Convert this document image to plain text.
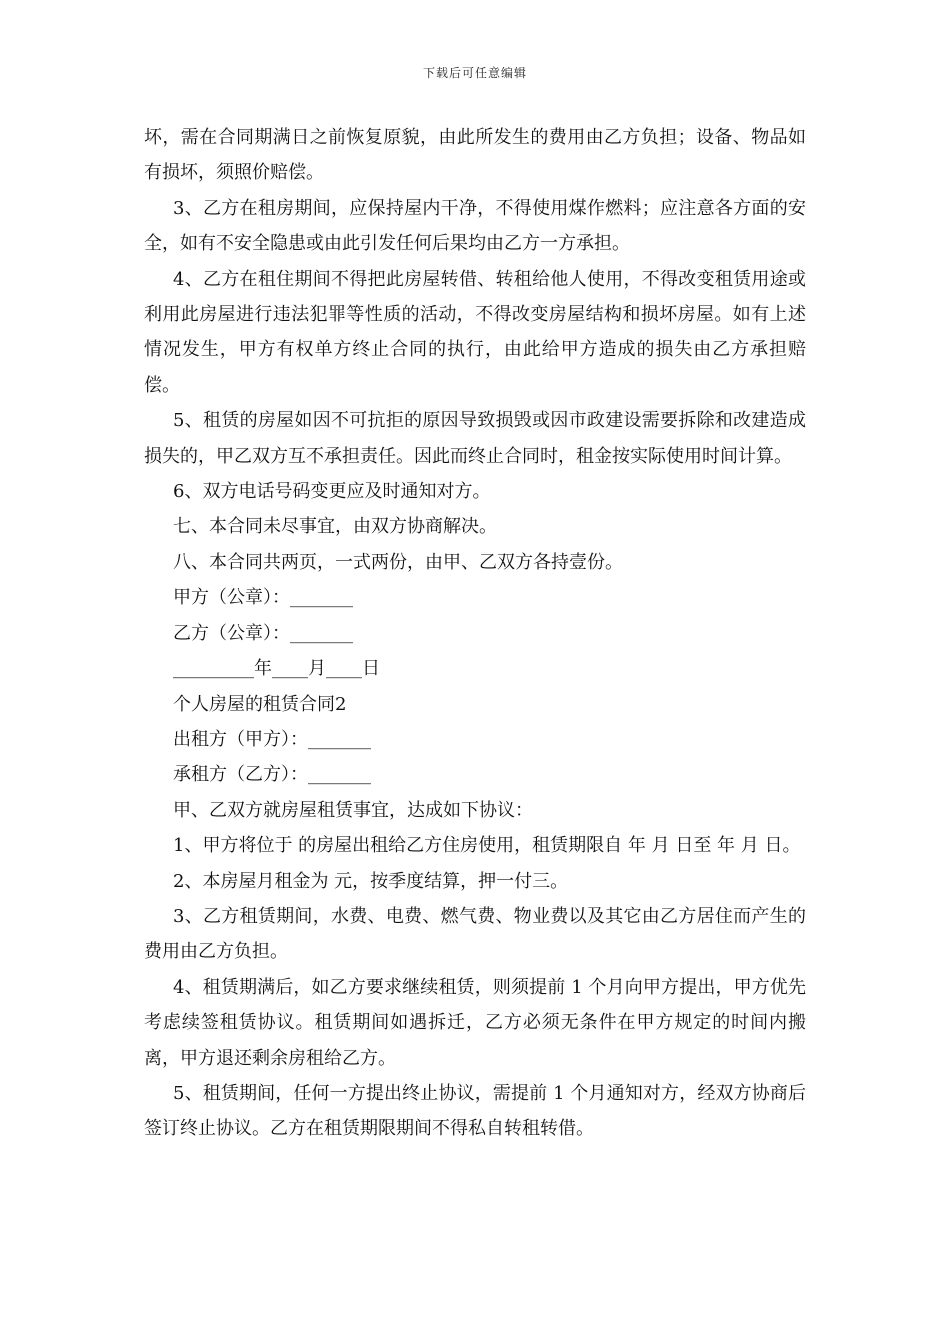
下载后可任意编辑

坏，需在合同期满日之前恢复原貌，由此所发生的费用由乙方负担；设备、物品如有损坏，须照价赔偿。

3、乙方在租房期间，应保持屋内干净，不得使用煤作燃料；应注意各方面的安全，如有不安全隐患或由此引发任何后果均由乙方一方承担。

4、乙方在租住期间不得把此房屋转借、转租给他人使用，不得改变租赁用途或利用此房屋进行违法犯罪等性质的活动，不得改变房屋结构和损坏房屋。如有上述情况发生，甲方有权单方终止合同的执行，由此给甲方造成的损失由乙方承担赔偿。

5、租赁的房屋如因不可抗拒的原因导致损毁或因市政建设需要拆除和改建造成损失的，甲乙双方互不承担责任。因此而终止合同时，租金按实际使用时间计算。

6、双方电话号码变更应及时通知对方。

七、本合同未尽事宜，由双方协商解决。

八、本合同共两页，一式两份，由甲、乙双方各持壹份。

甲方（公章）：_______

乙方（公章）：_______

_________年____月____日

个人房屋的租赁合同2

出租方（甲方）：_______

承租方（乙方）：_______

甲、乙双方就房屋租赁事宜，达成如下协议：

1、甲方将位于 的房屋出租给乙方住房使用，租赁期限自 年 月 日至 年 月 日。

2、本房屋月租金为 元，按季度结算，押一付三。

3、乙方租赁期间，水费、电费、燃气费、物业费以及其它由乙方居住而产生的费用由乙方负担。

4、租赁期满后，如乙方要求继续租赁，则须提前 1 个月向甲方提出，甲方优先考虑续签租赁协议。租赁期间如遇拆迁，乙方必须无条件在甲方规定的时间内搬离，甲方退还剩余房租给乙方。

5、租赁期间，任何一方提出终止协议，需提前 1 个月通知对方，经双方协商后签订终止协议。乙方在租赁期限期间不得私自转租转借。
